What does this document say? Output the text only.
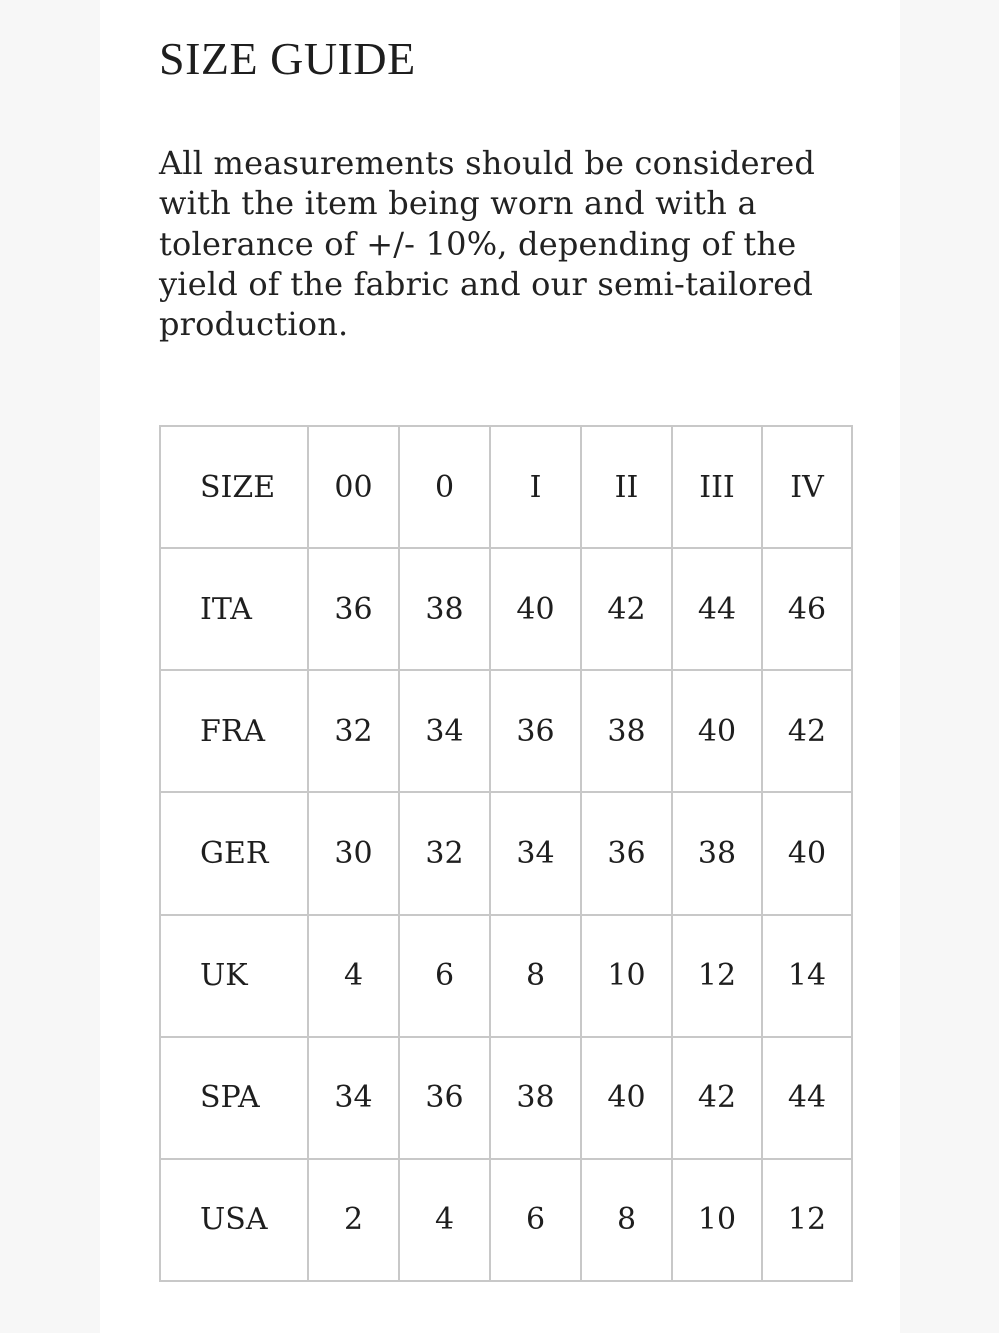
SIZE GUIDE

All measurements should be considered
with the item being worn and with a
tolerance of +/- 10%, depending of the
yield of the fabric and our semi-tailored
production.

SIZE	00	0	I	II	III	IV
ITA	36	38	40	42	44	46
FRA	32	34	36	38	40	42
GER	30	32	34	36	38	40
UK	4	6	8	10	12	14
SPA	34	36	38	40	42	44
USA	2	4	6	8	10	12
